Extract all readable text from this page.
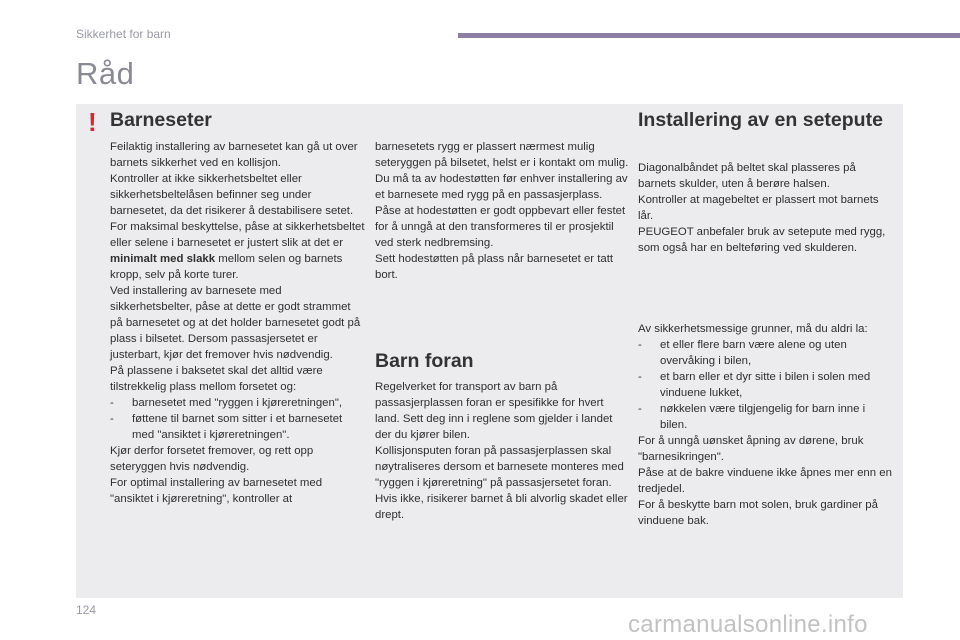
Sikkerhet for barn
Råd
! Barneseter

Feilaktig installering av barnesetet kan gå ut over barnets sikkerhet ved en kollisjon.

Kontroller at ikke sikkerhetsbeltet eller sikkerhetsbeltelåsen befinner seg under barnesetet, da det risikerer å destabilisere setet.

For maksimal beskyttelse, påse at sikkerhetsbeltet eller selene i barnesetet er justert slik at det er minimalt med slakk mellom selen og barnets kropp, selv på korte turer.

Ved installering av barnesete med sikkerhetsbelter, påse at dette er godt strammet på barnesetet og at det holder barnesetet godt på plass i bilsetet. Dersom passasjersetet er justerbart, kjør det fremover hvis nødvendig.

På plassene i baksetet skal det alltid være tilstrekkelig plass mellom forsetet og:

- barnesetet med "ryggen i kjøreretningen",
- føttene til barnet som sitter i et barnesetet med "ansiktet i kjøreretningen".

Kjør derfor forsetet fremover, og rett opp seteryggen hvis nødvendig.

For optimal installering av barnesetet med "ansiktet i kjøreretning", kontroller at

barnesetets rygg er plassert nærmest mulig seteryggen på bilsetet, helst er i kontakt om mulig.

Du må ta av hodestøtten før enhver installering av et barnesete med rygg på en passasjerplass.

Påse at hodestøtten er godt oppbevart eller festet for å unngå at den transformeres til er prosjektil ved sterk nedbremsing.

Sett hodestøtten på plass når barnesetet er tatt bort.

Barn foran

Regelverket for transport av barn på passasjerplassen foran er spesifikke for hvert land. Sett deg inn i reglene som gjelder i landet der du kjører bilen.

Kollisjonsputen foran på passasjerplassen skal nøytraliseres dersom et barnesete monteres med "ryggen i kjøreretning" på passasjersetet foran. Hvis ikke, risikerer barnet å bli alvorlig skadet eller drept.

Installering av en setepute

Diagonalbåndet på beltet skal plasseres på barnets skulder, uten å berøre halsen.

Kontroller at magebeltet er plassert mot barnets lår.

PEUGEOT anbefaler bruk av setepute med rygg, som også har en belteføring ved skulderen.

Av sikkerhetsmessige grunner, må du aldri la:

- et eller flere barn være alene og uten overvåking i bilen,
- et barn eller et dyr sitte i bilen i solen med vinduene lukket,
- nøkkelen være tilgjengelig for barn inne i bilen.

For å unngå uønsket åpning av dørene, bruk "barnesikringen".

Påse at de bakre vinduene ikke åpnes mer enn en tredjedel.

For å beskytte barn mot solen, bruk gardiner på vinduene bak.

124
carmanualsonline.info
